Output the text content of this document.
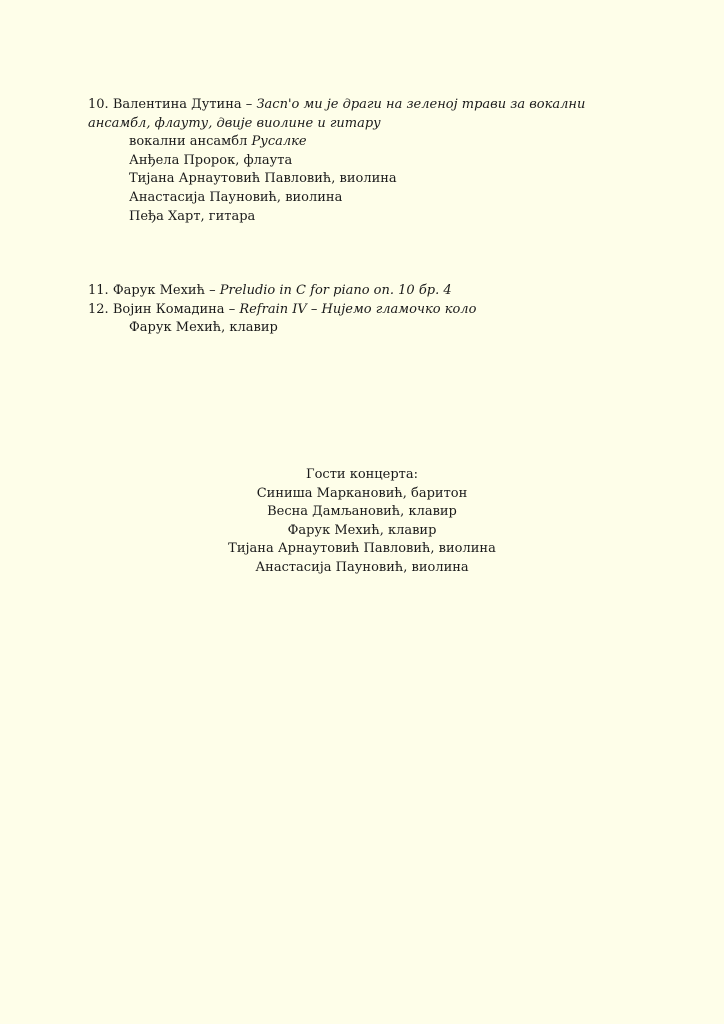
10. Валентина Дутина – Засп'о ми је драги на зеленој трави за вокални
ансамбл, флауту, двије виолине и гитару
вокални ансамбл Русалке
Анђела Пророк, флаута
Тијана Арнаутовић Павловић, виолина
Анастасија Пауновић, виолина
Пеђа Харт, гитара
11. Фарук Мехић – Preludio in C for piano оп. 10 бр. 4
12. Војин Комадина – Refrain IV – Нијемо гламочко коло
Фарук Мехић, клавир
Гости концерта:
Синиша Маркановић, баритон
Весна Дамљановић, клавир
Фарук Мехић, клавир
Тијана Арнаутовић Павловић, виолина
Анастасија Пауновић, виолина
